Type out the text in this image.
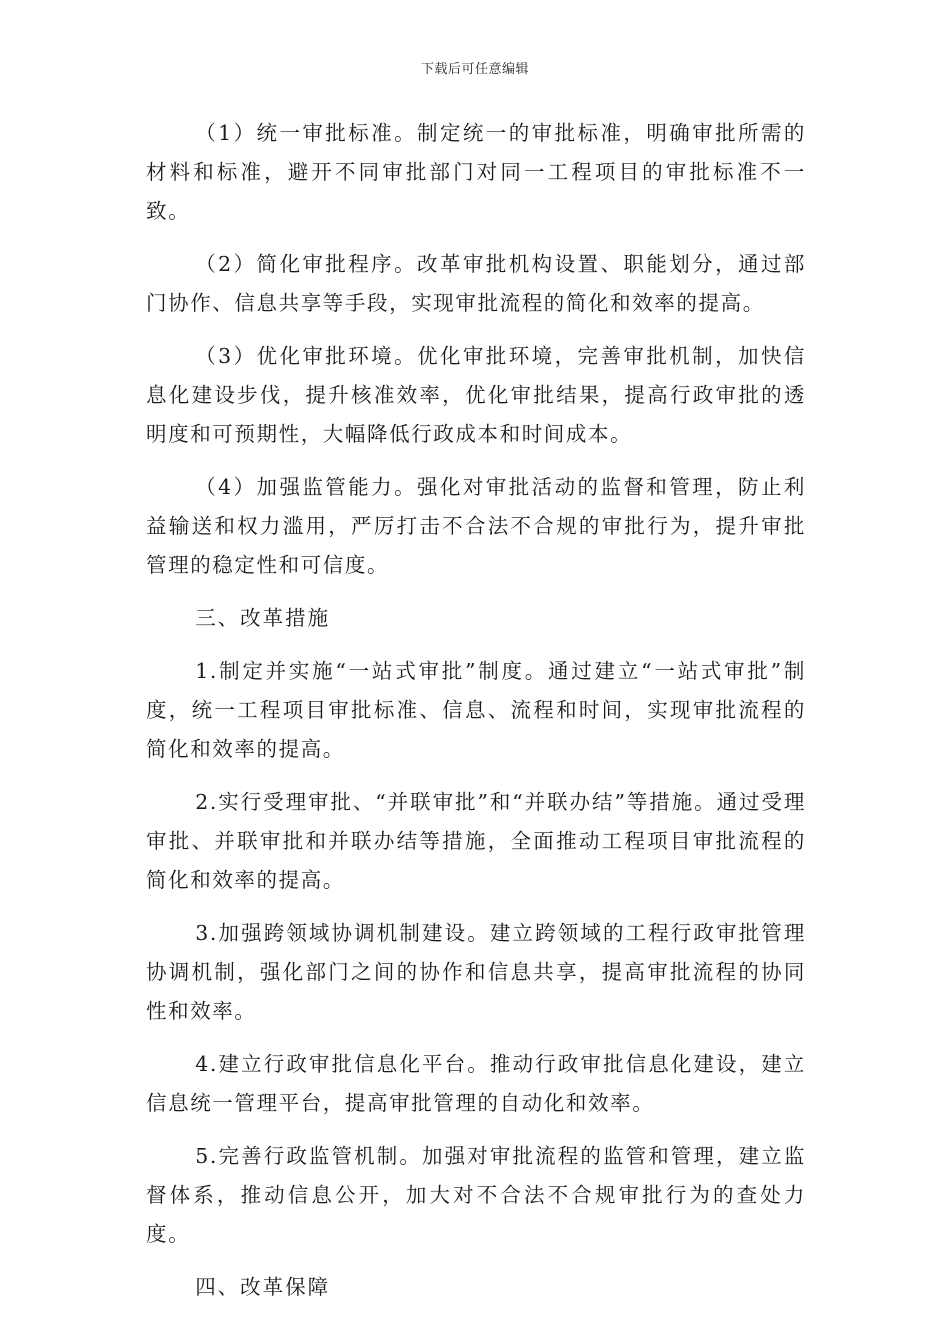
下载后可任意编辑

（1）统一审批标准。制定统一的审批标准，明确审批所需的材料和标准，避开不同审批部门对同一工程项目的审批标准不一致。

（2）简化审批程序。改革审批机构设置、职能划分，通过部门协作、信息共享等手段，实现审批流程的简化和效率的提高。

（3）优化审批环境。优化审批环境，完善审批机制，加快信息化建设步伐，提升核准效率，优化审批结果，提高行政审批的透明度和可预期性，大幅降低行政成本和时间成本。

（4）加强监管能力。强化对审批活动的监督和管理，防止利益输送和权力滥用，严厉打击不合法不合规的审批行为，提升审批管理的稳定性和可信度。

三、改革措施

1.制定并实施“一站式审批”制度。通过建立“一站式审批”制度，统一工程项目审批标准、信息、流程和时间，实现审批流程的简化和效率的提高。

2.实行受理审批、“并联审批”和“并联办结”等措施。通过受理审批、并联审批和并联办结等措施，全面推动工程项目审批流程的简化和效率的提高。

3.加强跨领域协调机制建设。建立跨领域的工程行政审批管理协调机制，强化部门之间的协作和信息共享，提高审批流程的协同性和效率。

4.建立行政审批信息化平台。推动行政审批信息化建设，建立信息统一管理平台，提高审批管理的自动化和效率。

5.完善行政监管机制。加强对审批流程的监管和管理，建立监督体系，推动信息公开，加大对不合法不合规审批行为的查处力度。

四、改革保障
